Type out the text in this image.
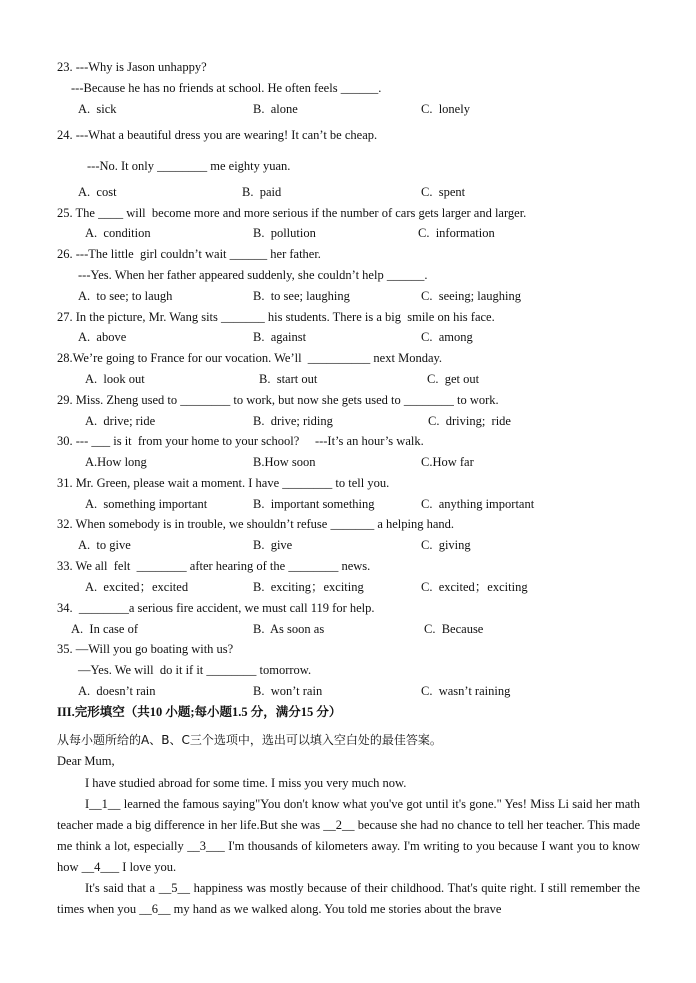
23. ---Why is Jason unhappy?
---Because he has no friends at school. He often feels ______.
A.  sick	B.  alone	C.  lonely
24. ---What a beautiful dress you are wearing! It can’t be cheap.
---No. It only ________ me eighty yuan.
A.  cost	B.  paid	C.  spent
25. The ____ will  become more and more serious if the number of cars gets larger and larger.
A.  condition	B.  pollution	C.  information
26. ---The little  girl couldn’t wait ______ her father.
---Yes. When her father appeared suddenly, she couldn’t help ______.
A.  to see; to laugh	B.  to see; laughing	C.  seeing; laughing
27. In the picture, Mr. Wang sits _______ his students. There is a big  smile on his face.
A.  above	B.  against	C.  among
28.We’re going to France for our vocation. We’ll  __________ next Monday.
A.  look out	B.  start out	C.  get out
29. Miss. Zheng used to ________ to work, but now she gets used to ________ to work.
A.  drive; ride	B.  drive; riding	C.  driving;  ride
30. --- ___ is it  from your home to your school?     ---It’s an hour’s walk.
A.How long	B.How soon	C.How far
31. Mr. Green, please wait a moment. I have ________ to tell you.
A.  something important	B.  important something	C.  anything important
32. When somebody is in trouble, we shouldn’t refuse _______ a helping hand.
A.  to give	B.  give	C.  giving
33. We all  felt  ________ after hearing of the ________ news.
A.  excited；excited	B.  exciting；exciting	C.  excited；exciting
34.  ________a serious fire accident, we must call 119 for help.
A.  In case of	B.  As soon as	C.  Because
35. —Will you go boating with us?
—Yes. We will  do it if it ________ tomorrow.
A.  doesn’t rain	B.  won’t rain	C.  wasn’t raining
III.完形填空（共10 小题;每小题1.5 分，满分15 分）
从每小题所给的A、B、C三个选项中，选出可以填入空白处的最佳答案。
Dear Mum,

I have studied abroad for some time. I miss you very much now.

I__1__ learned the famous saying"You don't know what you've got until it's gone." Yes! Miss Li said her math teacher made a big difference in her life.But she was __2__ because she had no chance to tell her teacher. This made me think a lot, especially __3___ I'm thousands of kilometers away. I'm writing to you because I want you to know how __4___ I love you.

It's said that a __5__ happiness was mostly because of their childhood. That's quite right. I still remember the times when you __6__ my hand as we walked along. You told me stories about the brave
